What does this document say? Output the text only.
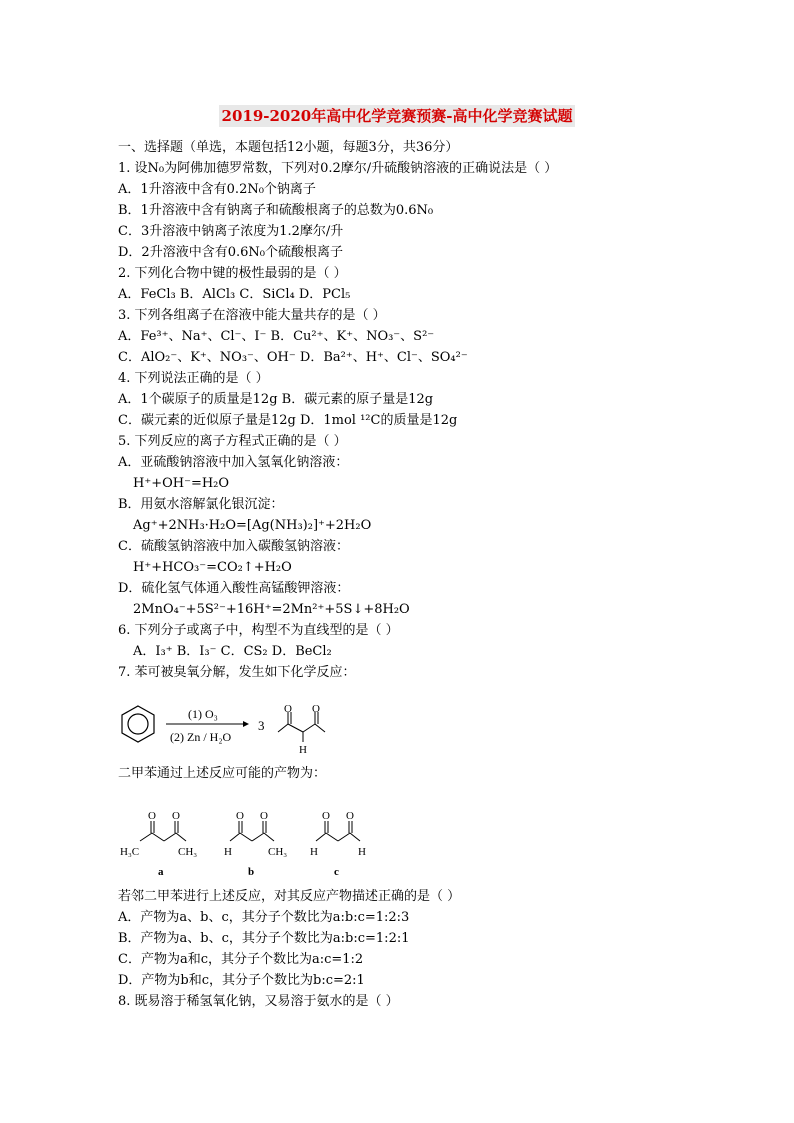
2019-2020年高中化学竞赛预赛-高中化学竞赛试题
一、选择题（单选，本题包括12小题，每题3分，共36分）
1. 设N₀为阿佛加德罗常数，下列对0.2摩尔/升硫酸钠溶液的正确说法是（ ）
A．1升溶液中含有0.2N₀个钠离子
B．1升溶液中含有钠离子和硫酸根离子的总数为0.6N₀
C．3升溶液中钠离子浓度为1.2摩尔/升
D．2升溶液中含有0.6N₀个硫酸根离子
2. 下列化合物中键的极性最弱的是（ ）
A．FeCl₃ B．AlCl₃ C．SiCl₄ D．PCl₅
3. 下列各组离子在溶液中能大量共存的是（ ）
A．Fe³⁺、Na⁺、Cl⁻、I⁻ B．Cu²⁺、K⁺、NO₃⁻、S²⁻
C．AlO₂⁻、K⁺、NO₃⁻、OH⁻ D．Ba²⁺、H⁺、Cl⁻、SO₄²⁻
4. 下列说法正确的是（ ）
A．1个碳原子的质量是12g B．碳元素的原子量是12g
C．碳元素的近似原子量是12g D．1mol ¹²C的质量是12g
5. 下列反应的离子方程式正确的是（ ）
A．亚硫酸钠溶液中加入氢氧化钠溶液：
H⁺+OH⁻=H₂O
B．用氨水溶解氯化银沉淀：
Ag⁺+2NH₃·H₂O=[Ag(NH₃)₂]⁺+2H₂O
C．硫酸氢钠溶液中加入碳酸氢钠溶液：
H⁺+HCO₃⁻=CO₂↑+H₂O
D．硫化氢气体通入酸性高锰酸钾溶液：
2MnO₄⁻+5S²⁻+16H⁺=2Mn²⁺+5S↓+8H₂O
6. 下列分子或离子中，构型不为直线型的是（ ）
A．I₃⁺ B．I₃⁻ C．CS₂ D．BeCl₂
7. 苯可被臭氧分解，发生如下化学反应：
(1) O₃
(2) Zn / H₂O
3
O O
H
二甲苯通过上述反应可能的产物为：
O O
H₃C	CH₃
a
O O
H	CH₃
b
O O
H	H
c
若邻二甲苯进行上述反应，对其反应产物描述正确的是（ ）
A．产物为a、b、c，其分子个数比为a:b:c=1:2:3
B．产物为a、b、c，其分子个数比为a:b:c=1:2:1
C．产物为a和c，其分子个数比为a:c=1:2
D．产物为b和c，其分子个数比为b:c=2:1
8. 既易溶于稀氢氧化钠，又易溶于氨水的是（ ）
